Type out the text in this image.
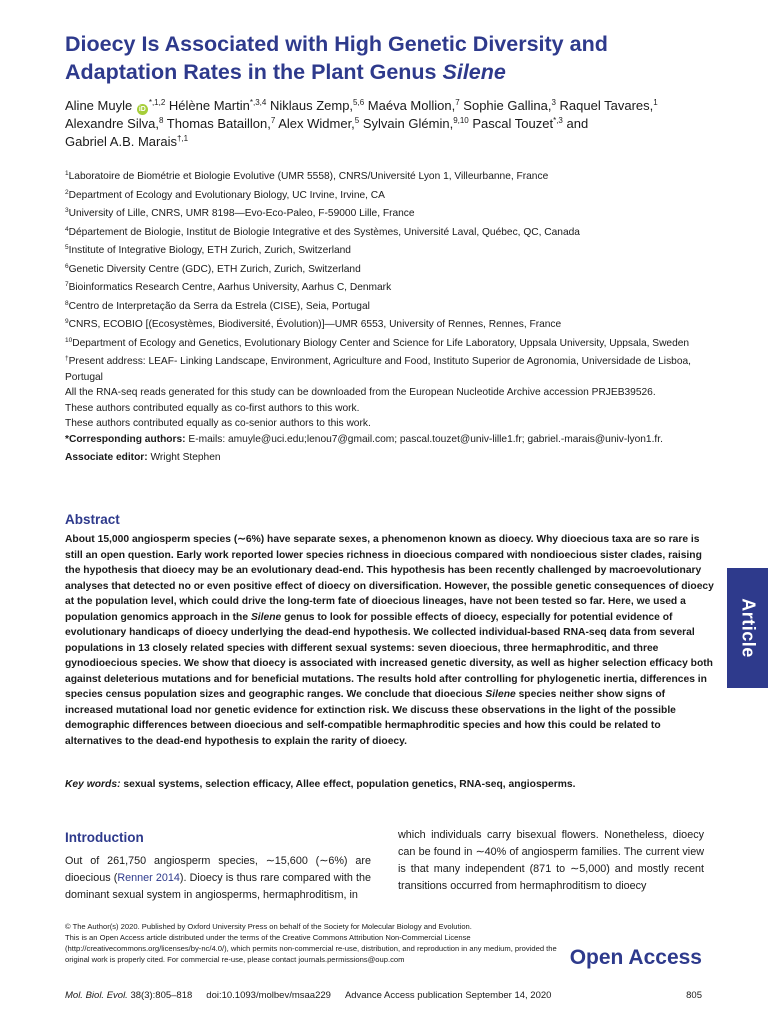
Dioecy Is Associated with High Genetic Diversity and Adaptation Rates in the Plant Genus Silene

Aline Muyle $iD^{*,1,2}$ Hélène Martin$^{*,3,4}$ Niklaus Zemp,$^{5,6}$ Maéva Mollion,$^7$ Sophie Gallina,$^3$ Raquel Tavares,$^1$
Alexandre Silva,$^8$ Thomas Bataillon,$^7$ Alex Widmer,$^5$ Sylvain Glémin,$^{9,10}$ Pascal Touzet$^{*,3}$ and
Gabriel A.B. Marais$^{\dagger,1}$

$^1$Laboratoire de Biométrie et Biologie Evolutive (UMR 5558), CNRS/Université Lyon 1, Villeurbanne, France

$^2$Department of Ecology and Evolutionary Biology, UC Irvine, Irvine, CA

$^3$University of Lille, CNRS, UMR 8198—Evo-Eco-Paleo, F-59000 Lille, France

$^4$Département de Biologie, Institut de Biologie Integrative et des Systèmes, Université Laval, Québec, QC, Canada

$^5$Institute of Integrative Biology, ETH Zurich, Zurich, Switzerland

$^6$Genetic Diversity Centre (GDC), ETH Zurich, Zurich, Switzerland

$^7$Bioinformatics Research Centre, Aarhus University, Aarhus C, Denmark

$^8$Centro de Interpretação da Serra da Estrela (CISE), Seia, Portugal

$^9$CNRS, ECOBIO [(Ecosystèmes, Biodiversité, Évolution)]—UMR 6553, University of Rennes, Rennes, France

$^{10}$Department of Ecology and Genetics, Evolutionary Biology Center and Science for Life Laboratory, Uppsala University, Uppsala, Sweden

†Present address: LEAF- Linking Landscape, Environment, Agriculture and Food, Instituto Superior de Agronomia, Universidade de Lisboa, Portugal

All the RNA-seq reads generated for this study can be downloaded from the European Nucleotide Archive accession PRJEB39526.

These authors contributed equally as co-first authors to this work.

These authors contributed equally as co-senior authors to this work.

*Corresponding authors: E-mails: amuyle@uci.edu;lenou7@gmail.com; pascal.touzet@univ-lille1.fr; gabriel.-marais@univ-lyon1.fr.

Associate editor: Wright Stephen

Abstract

About 15,000 angiosperm species (∼6%) have separate sexes, a phenomenon known as dioecy. Why dioecious taxa are so rare is still an open question. Early work reported lower species richness in dioecious compared with nondioecious sister clades, raising the hypothesis that dioecy may be an evolutionary dead-end. This hypothesis has been recently challenged by macroevolutionary analyses that detected no or even positive effect of dioecy on diversification. However, the possible genetic consequences of dioecy at the population level, which could drive the long-term fate of dioecious lineages, have not been tested so far. Here, we used a population genomics approach in the Silene genus to look for possible effects of dioecy, especially for potential evidence of evolutionary handicaps of dioecy underlying the dead-end hypothesis. We collected individual-based RNA-seq data from several populations in 13 closely related species with different sexual systems: seven dioecious, three hermaphroditic, and three gynodioecious species. We show that dioecy is associated with increased genetic diversity, as well as higher selection efficacy both against deleterious mutations and for beneficial mutations. The results hold after controlling for phylogenetic inertia, differences in species census population sizes and geographic ranges. We conclude that dioecious Silene species neither show signs of increased mutational load nor genetic evidence for extinction risk. We discuss these observations in the light of the possible demographic differences between dioecious and self-compatible hermaphroditic species and how this could be related to alternatives to the dead-end hypothesis to explain the rarity of dioecy.

Key words: sexual systems, selection efficacy, Allee effect, population genetics, RNA-seq, angiosperms.

Article
Introduction

Out of 261,750 angiosperm species, ∼15,600 (∼6%) are dioecious (Renner 2014). Dioecy is thus rare compared with the dominant sexual system in angiosperms, hermaphroditism, in

which individuals carry bisexual flowers. Nonetheless, dioecy can be found in ∼40% of angiosperm families. The current view is that many independent (871 to ∼5,000) and mostly recent transitions occurred from hermaphroditism to dioecy

© The Author(s) 2020. Published by Oxford University Press on behalf of the Society for Molecular Biology and Evolution.

This is an Open Access article distributed under the terms of the Creative Commons Attribution Non-Commercial License (http://creativecommons.org/licenses/by-nc/4.0/), which permits non-commercial re-use, distribution, and reproduction in any medium, provided the original work is properly cited. For commercial re-use, please contact journals.permissions@oup.com	Open Access
Mol. Biol. Evol. 38(3):805–818 doi:10.1093/molbev/msaa229 Advance Access publication September 14, 2020	805
